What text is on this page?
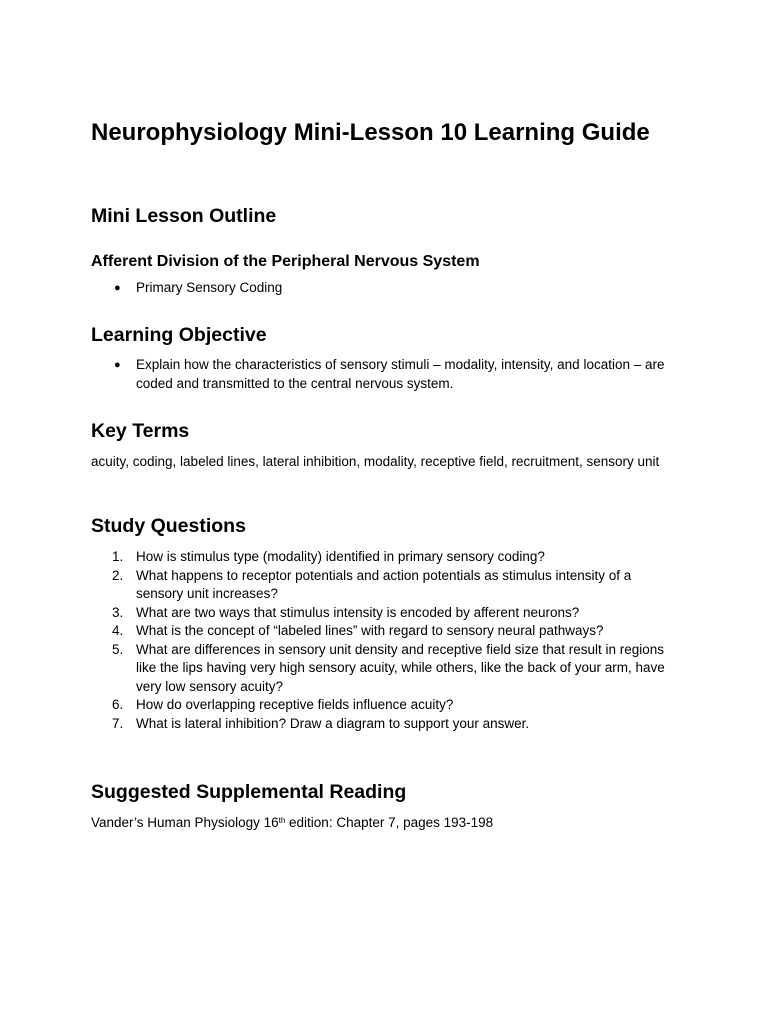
Neurophysiology Mini-Lesson 10 Learning Guide
Mini Lesson Outline
Afferent Division of the Peripheral Nervous System
●	Primary Sensory Coding
Learning Objective
●	Explain how the characteristics of sensory stimuli – modality, intensity, and location – are
coded and transmitted to the central nervous system.
Key Terms
acuity, coding, labeled lines, lateral inhibition, modality, receptive field, recruitment, sensory unit
Study Questions
1. How is stimulus type (modality) identified in primary sensory coding?
2. What happens to receptor potentials and action potentials as stimulus intensity of a
sensory unit increases?
3. What are two ways that stimulus intensity is encoded by afferent neurons?
4. What is the concept of “labeled lines” with regard to sensory neural pathways?
5. What are differences in sensory unit density and receptive field size that result in regions
like the lips having very high sensory acuity, while others, like the back of your arm, have
very low sensory acuity?
6. How do overlapping receptive fields influence acuity?
7. What is lateral inhibition? Draw a diagram to support your answer.
Suggested Supplemental Reading
Vander’s Human Physiology 16th edition: Chapter 7, pages 193-198
